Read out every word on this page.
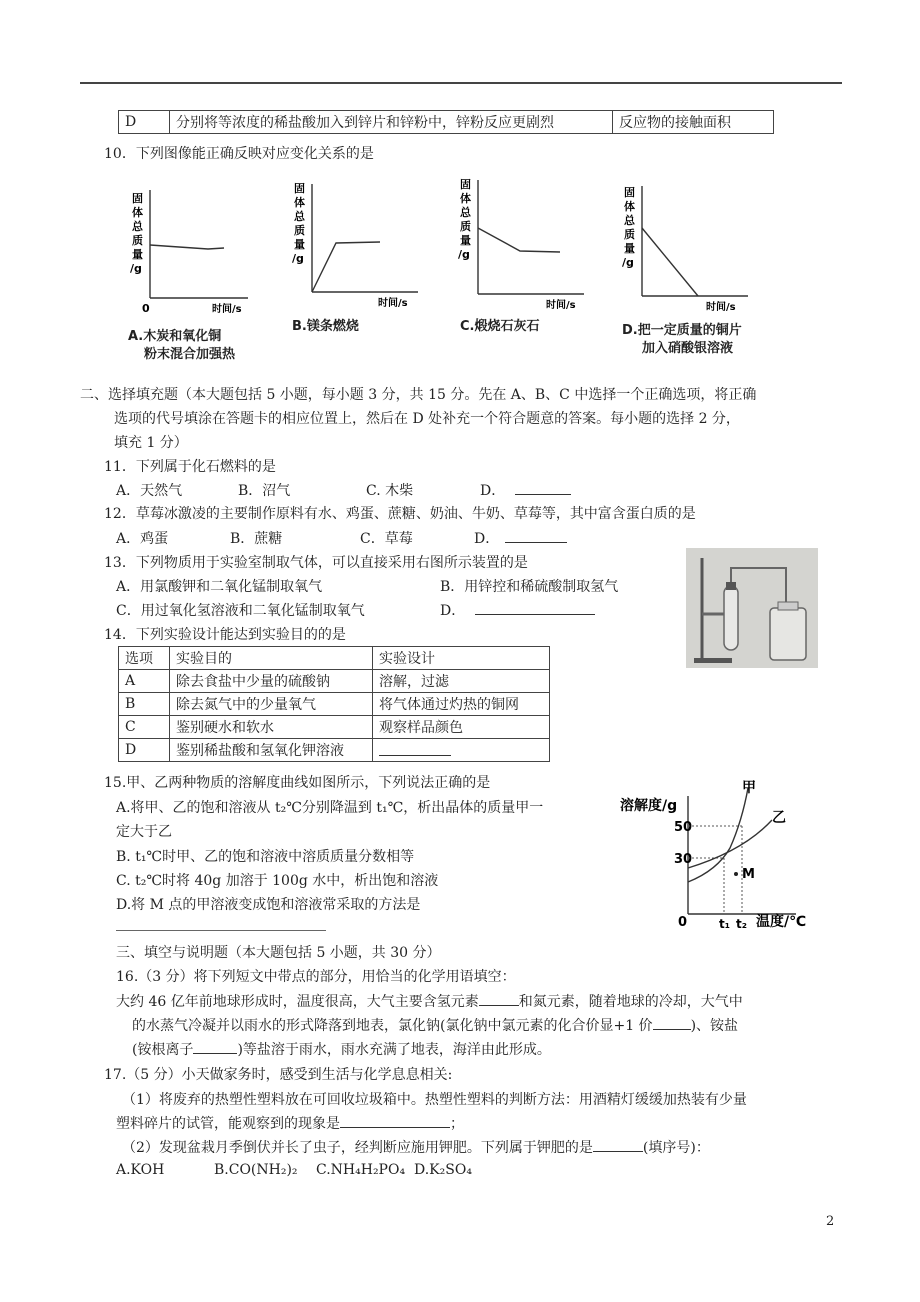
D	分别将等浓度的稀盐酸加入到锌片和锌粉中，锌粉反应更剧烈	反应物的接触面积
10．下列图像能正确反映对应变化关系的是
固
体
总
质
量
/g
0	时间/s
固
体
总
质
量
/g
时间/s
固
体
总
质
量
/g
时间/s
固
体
总
质
量
/g
时间/s
A.木炭和氧化铜
粉末混合加强热
B.镁条燃烧	C.煅烧石灰石	D.把一定质量的铜片
加入硝酸银溶液
二、选择填充题（本大题包括 5 小题，每小题 3 分，共 15 分。先在 A、B、C 中选择一个正确选项，将正确
选项的代号填涂在答题卡的相应位置上，然后在 D 处补充一个符合题意的答案。每小题的选择 2 分，
填充 1 分）
11．下列属于化石燃料的是
A．天然气	B．沼气	C. 木柴	D．
12．草莓冰激凌的主要制作原料有水、鸡蛋、蔗糖、奶油、牛奶、草莓等，其中富含蛋白质的是
A．鸡蛋	B．蔗糖	C．草莓	D．
13．下列物质用于实验室制取气体，可以直接采用右图所示装置的是
A．用氯酸钾和二氧化锰制取氧气	B．用锌控和稀硫酸制取氢气
C．用过氧化氢溶液和二氧化锰制取氧气	D．
14．下列实验设计能达到实验目的的是
选项	实验目的	实验设计
A	除去食盐中少量的硫酸钠	溶解，过滤
B	除去氮气中的少量氧气	将气体通过灼热的铜网
C	鉴别硬水和软水	观察样品颜色
D	鉴别稀盐酸和氢氧化钾溶液	
15.甲、乙两种物质的溶解度曲线如图所示，下列说法正确的是
A.将甲、乙的饱和溶液从 t₂℃分别降温到 t₁℃，析出晶体的质量甲一
定大于乙
B. t₁℃时甲、乙的饱和溶液中溶质质量分数相等
C. t₂℃时将 40g 加溶于 100g 水中，析出饱和溶液
D.将 M 点的甲溶液变成饱和溶液常采取的方法是
溶解度/g
50
30
0
M
甲
乙
t₁ t₂ 温度/℃
三、填空与说明题（本大题包括 5 小题，共 30 分）
16.（3 分）将下列短文中带点的部分，用恰当的化学用语填空：
大约 46 亿年前地球形成时，温度很高，大气主要含氢元素	和氮元素，随着地球的冷却，大气中
的水蒸气冷凝并以雨水的形式降落到地表，氯化钠(氯化钠中氯元素的化合价显+1 价	)、铵盐
(铵根离子	)等盐溶于雨水，雨水充满了地表，海洋由此形成。
17.（5 分）小天做家务时，感受到生活与化学息息相关:
（1）将废弃的热塑性塑料放在可回收垃圾箱中。热塑性塑料的判断方法：用酒精灯缓缓加热装有少量
塑料碎片的试管，能观察到的现象是	；
（2）发现盆栽月季倒伏并长了虫子，经判断应施用钾肥。下列属于钾肥的是	(填序号)：
A.KOH	B.CO(NH₂)₂ C.NH₄H₂PO₄ D.K₂SO₄
2
